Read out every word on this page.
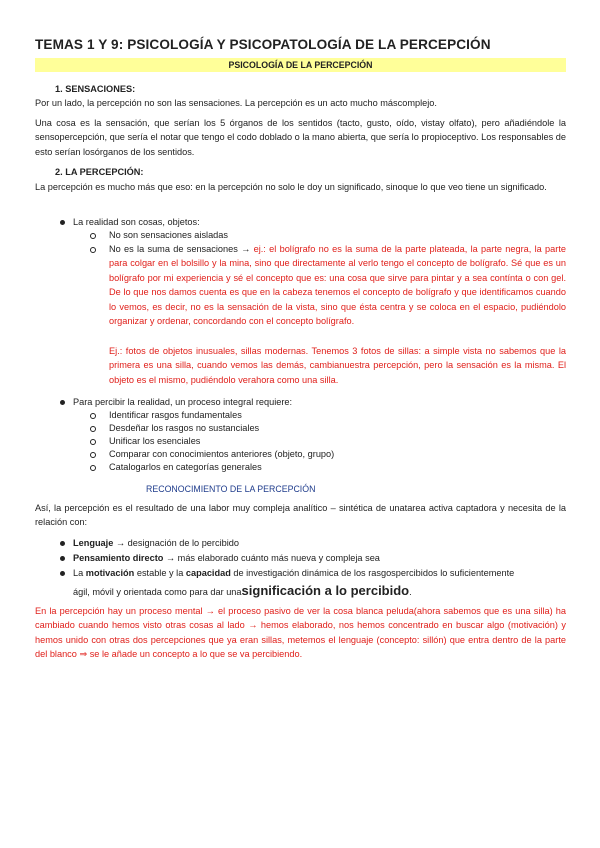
TEMAS 1 Y 9: PSICOLOGÍA Y PSICOPATOLOGÍA DE LA PERCEPCIÓN
PSICOLOGÍA DE LA PERCEPCIÓN
1. SENSACIONES:
Por un lado, la percepción no son las sensaciones. La percepción es un acto mucho máscomplejo.
Una cosa es la sensación, que serían los 5 órganos de los sentidos (tacto, gusto, oído, vistay olfato), pero añadiéndole la sensopercepción, que sería el notar que tengo el codo doblado o la mano abierta, que sería lo propioceptivo. Los responsables de esto serían losórganos de los sentidos.
2. LA PERCEPCIÓN:
La percepción es mucho más que eso: en la percepción no solo le doy un significado, sinoque lo que veo tiene un significado.
La realidad son cosas, objetos:
No son sensaciones aisladas
No es la suma de sensaciones → ej.: el bolígrafo no es la suma de la parte plateada, la parte negra, la parte para colgar en el bolsillo y la mina, sino que directamente al verlo tengo el concepto de bolígrafo. Sé que es un bolígrafo por mi experiencia y sé el concepto que es: una cosa que sirve para pintar y a sea contínta o con gel. De lo que nos damos cuenta es que en la cabeza tenemos el concepto de bolígrafo y que identificamos cuando lo vemos, es decir, no es la sensación de la vista, sino que ésta centra y se coloca en el espacio, pudiéndolo organizar y ordenar, concordando con el concepto bolígrafo.
Ej.: fotos de objetos inusuales, sillas modernas. Tenemos 3 fotos de sillas: a simple vista no sabemos que la primera es una silla, cuando vemos las demás, cambianuestra percepción, pero la sensación es la misma. El objeto es el mismo, pudiéndolo verahora como una silla.
Para percibir la realidad, un proceso integral requiere:
Identificar rasgos fundamentales
Desdeñar los rasgos no sustanciales
Unificar los esenciales
Comparar con conocimientos anteriores (objeto, grupo)
Catalogarlos en categorías generales
RECONOCIMIENTO DE LA PERCEPCIÓN
Así, la percepción es el resultado de una labor muy compleja analítico – sintética de unatarea activa captadora y necesita de la relación con:
Lenguaje → designación de lo percibido
Pensamiento directo → más elaborado cuánto más nueva y compleja sea
La motivación estable y la capacidad de investigación dinámica de los rasgospercibidos lo suficientemente
ágil, móvil y orientada como para dar unasignificación a lo percibido.
En la percepción hay un proceso mental → el proceso pasivo de ver la cosa blanca peluda(ahora sabemos que es una silla) ha cambiado cuando hemos visto otras cosas al lado → hemos elaborado, nos hemos concentrado en buscar algo (motivación) y hemos unido con otras dos percepciones que ya eran sillas, metemos el lenguaje (concepto: sillón) que entra dentro de la parte del blanco ⇒ se le añade un concepto a lo que se va percibiendo.
